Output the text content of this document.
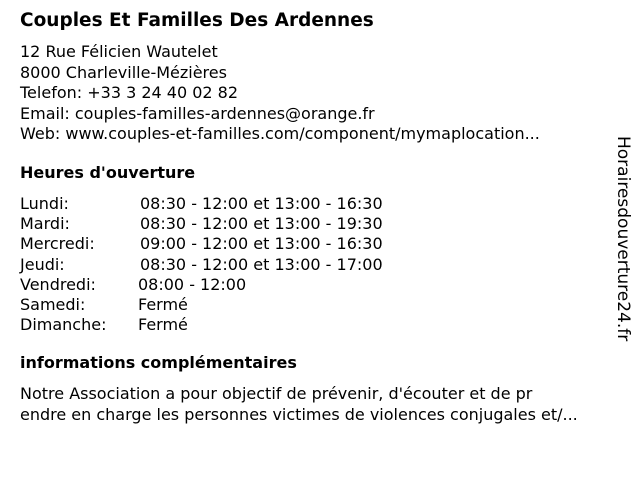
Couples Et Familles Des Ardennes
12 Rue Félicien Wautelet
8000 Charleville-Mézières
Telefon: +33 3 24 40 02 82
Email: couples-familles-ardennes@orange.fr
Web: www.couples-et-familles.com/component/mymaplocation...
Heures d'ouverture
Lundi:	08:30 - 12:00 et 13:00 - 16:30
Mardi:	08:30 - 12:00 et 13:00 - 19:30
Mercredi:	09:00 - 12:00 et 13:00 - 16:30
Jeudi:	08:30 - 12:00 et 13:00 - 17:00
Vendredi:	08:00 - 12:00
Samedi:	Fermé
Dimanche: Fermé
informations complémentaires
Notre Association a pour objectif de prévenir, d'écouter et de pr
endre en charge les personnes victimes de violences conjugales et/...
Horairesdouverture24.fr
